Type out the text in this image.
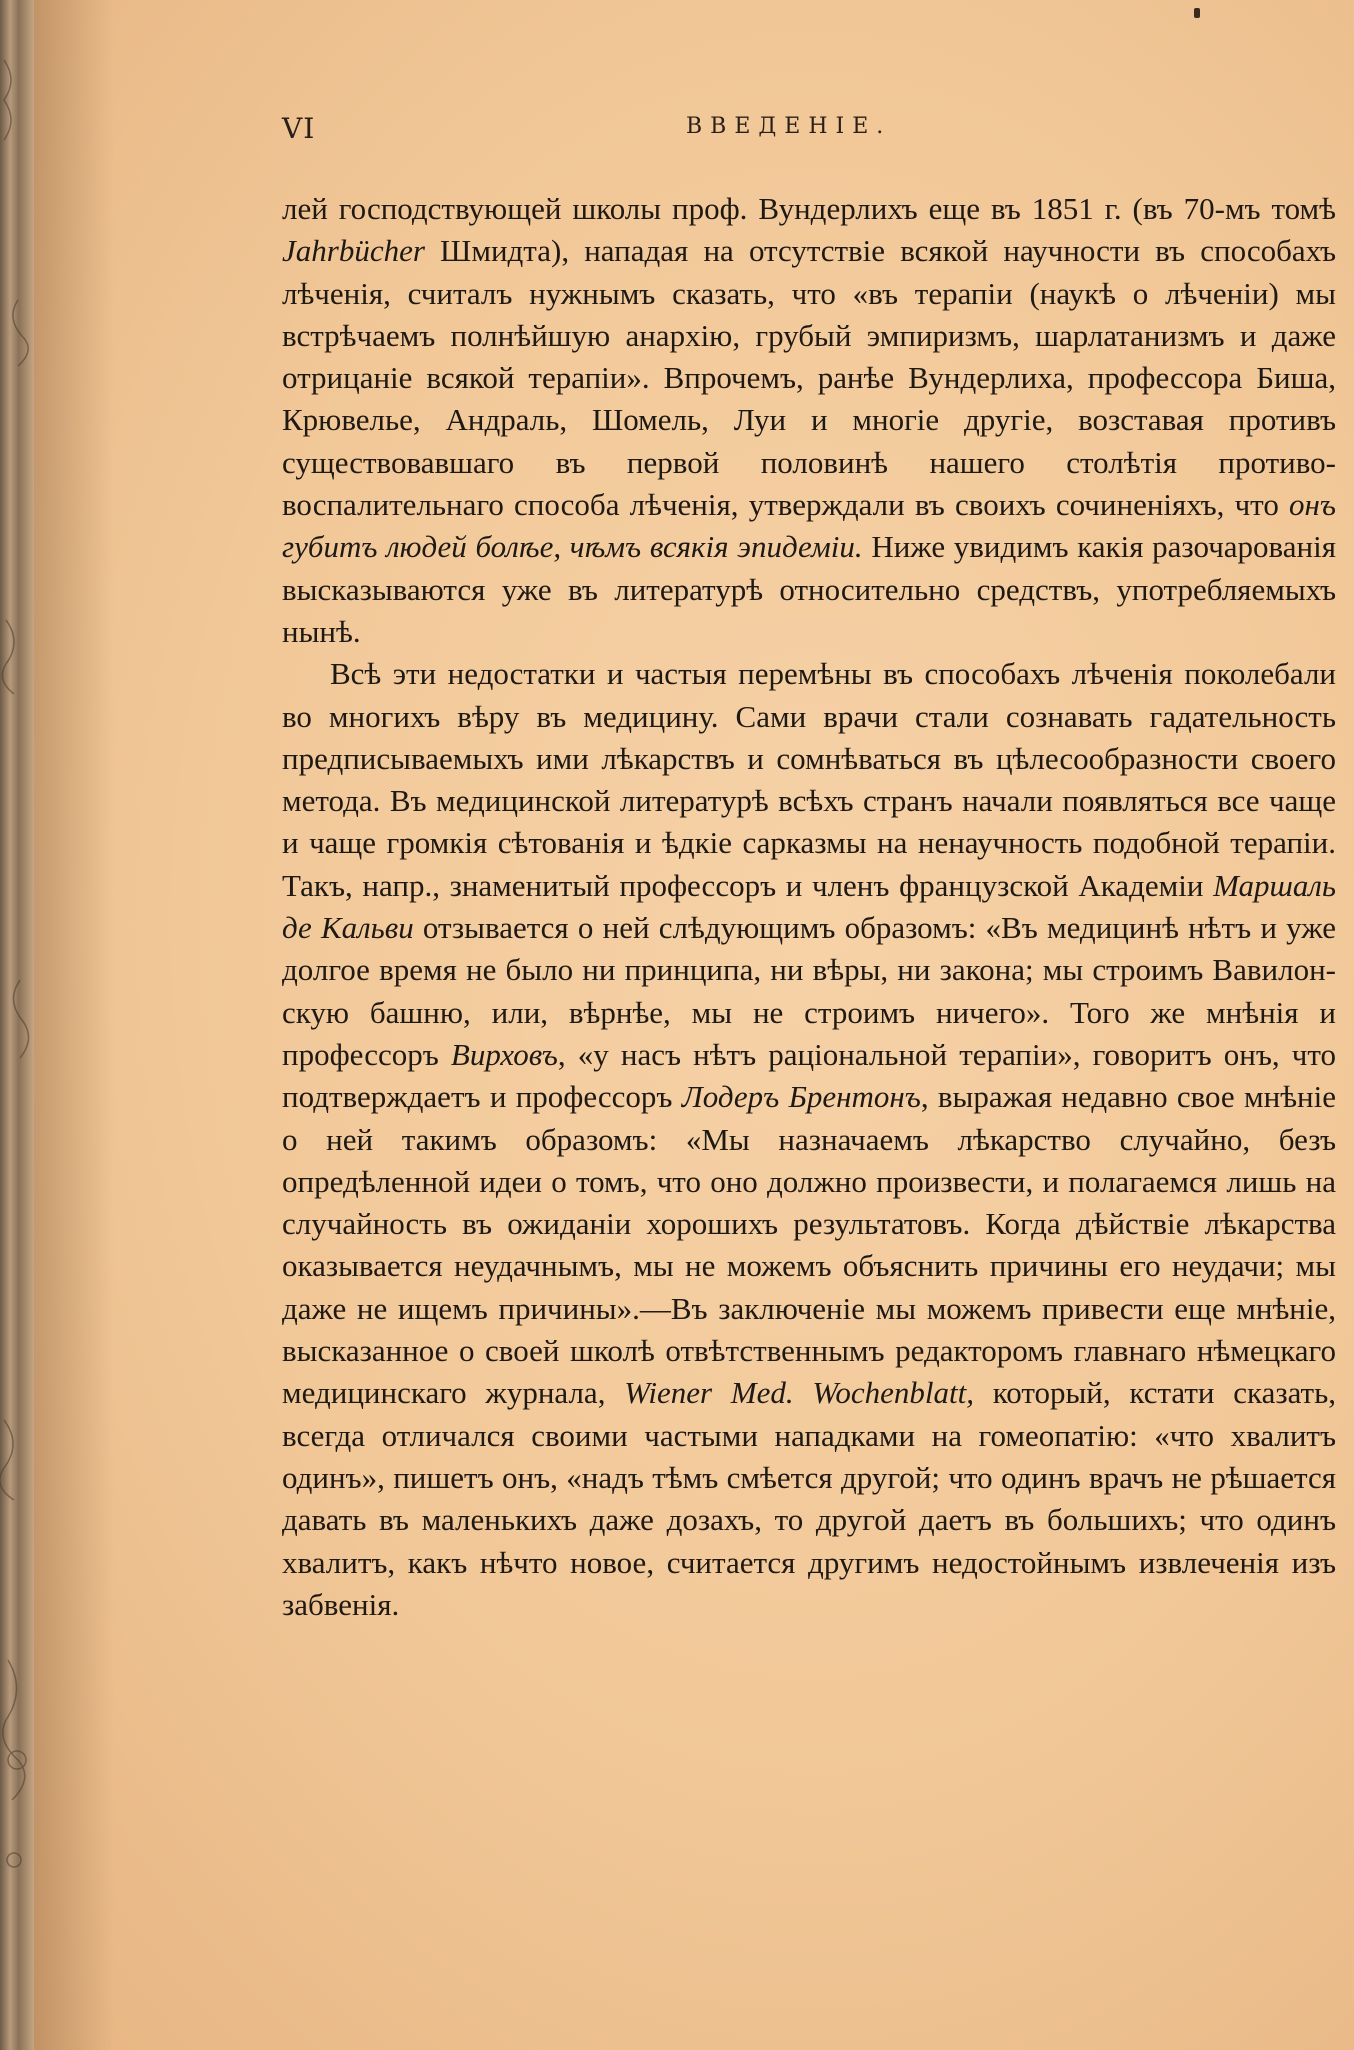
VI	ВВЕДЕНІЕ.

лей господствующей школы проф. Вундерлихъ еще въ 1851 г. (въ 70-мъ томѣ Jahrbücher Шмидта), нападая на отсутствіе всякой научности въ способахъ лѣченія, считалъ нужнымъ сказать, что «въ терапіи (наукѣ о лѣченіи) мы встрѣчаемъ полнѣйшую анархію, грубый эмпиризмъ, шарлатанизмъ и даже отрицаніе всякой терапіи». Впрочемъ, ранѣе Вундерлиха, профессора Биша, Крювелье, Андраль, Шомель, Луи и многіе другіе, возставая противъ существовавшаго въ первой половинѣ нашего столѣтія противовоспалительнаго способа лѣченія, утверждали въ своихъ сочиненіяхъ, что онъ губитъ людей болѣе, чѣмъ всякія эпидеміи. Ниже увидимъ какія разочарованія высказываются уже въ литературѣ относительно средствъ, употребляемыхъ нынѣ.

Всѣ эти недостатки и частыя перемѣны въ способахъ лѣченія поколебали во многихъ вѣру въ медицину. Сами врачи стали сознавать гадательность предписываемыхъ ими лѣкарствъ и сомнѣваться въ цѣлесообразности своего метода. Въ медицинской литературѣ всѣхъ странъ начали появляться все чаще и чаще громкія сѣтованія и ѣдкіе сарказмы на ненаучность подобной терапіи. Такъ, напр., знаменитый профессоръ и членъ французской Академіи Маршаль де Кальви отзывается о ней слѣдующимъ образомъ: «Въ медицинѣ нѣтъ и уже долгое время не было ни принципа, ни вѣры, ни закона; мы строимъ Вавилонскую башню, или, вѣрнѣе, мы не строимъ ничего». Того же мнѣнія и профессоръ Вирховъ, «у насъ нѣтъ раціональной терапіи», говоритъ онъ, что подтверждаетъ и профессоръ Лодеръ Брентонъ, выражая недавно свое мнѣніе о ней такимъ образомъ: «Мы назначаемъ лѣкарство случайно, безъ опредѣленной идеи о томъ, что оно должно произвести, и полагаемся лишь на случайность въ ожиданіи хорошихъ результатовъ. Когда дѣйствіе лѣкарства оказывается неудачнымъ, мы не можемъ объяснить причины его неудачи; мы даже не ищемъ причины».—Въ заключеніе мы можемъ привести еще мнѣніе, высказанное о своей школѣ отвѣтственнымъ редакторомъ главнаго нѣмецкаго медицинскаго журнала, Wiener Med. Wochenblatt, который, кстати сказать, всегда отличался своими частыми нападками на гомеопатію: «что хвалитъ одинъ», пишетъ онъ, «надъ тѣмъ смѣется другой; что одинъ врачъ не рѣшается давать въ маленькихъ даже дозахъ, то другой даетъ въ большихъ; что одинъ хвалитъ, какъ нѣчто новое, считается другимъ недостойнымъ извлеченія изъ забвенія.
